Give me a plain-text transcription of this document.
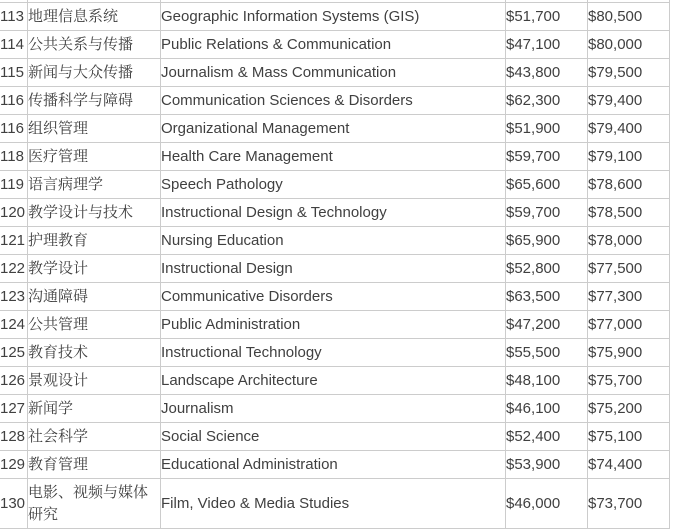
113	地理信息系统	Geographic Information Systems (GIS)	$51,700	$80,500
114	公共关系与传播	Public Relations & Communication	$47,100	$80,000
115	新闻与大众传播	Journalism & Mass Communication	$43,800	$79,500
116	传播科学与障碍	Communication Sciences & Disorders	$62,300	$79,400
116	组织管理	Organizational Management	$51,900	$79,400
118	医疗管理	Health Care Management	$59,700	$79,100
119	语言病理学	Speech Pathology	$65,600	$78,600
120	教学设计与技术	Instructional Design & Technology	$59,700	$78,500
121	护理教育	Nursing Education	$65,900	$78,000
122	教学设计	Instructional Design	$52,800	$77,500
123	沟通障碍	Communicative Disorders	$63,500	$77,300
124	公共管理	Public Administration	$47,200	$77,000
125	教育技术	Instructional Technology	$55,500	$75,900
126	景观设计	Landscape Architecture	$48,100	$75,700
127	新闻学	Journalism	$46,100	$75,200
128	社会科学	Social Science	$52,400	$75,100
129	教育管理	Educational Administration	$53,900	$74,400
130	电影、视频与媒体研究	Film, Video & Media Studies	$46,000	$73,700
